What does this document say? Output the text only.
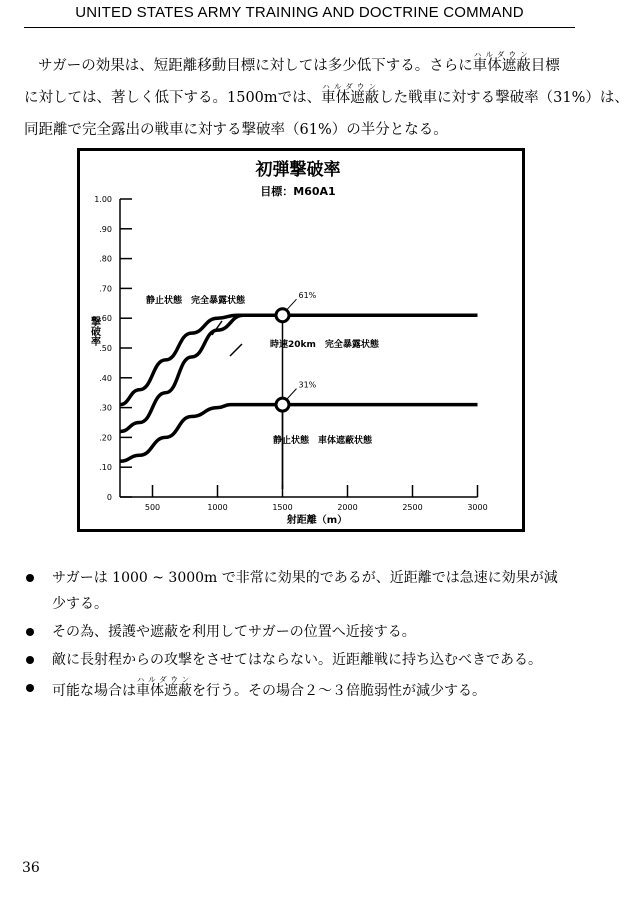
UNITED STATES ARMY TRAINING AND DOCTRINE COMMAND
サガーの効果は、短距離移動目標に対しては多少低下する。さらに車体遮蔽ハルダウン目標
に対しては、著しく低下する。1500mでは、車体遮蔽ハルダウンした戦車に対する撃破率（31%）は、
同距離で完全露出の戦車に対する撃破率（61%）の半分となる。
初弾撃破率
目標：M60A1
撃破率
射距離（m）
0
.10
.20
.30
.40
.50
.60
.70
.80
.90
1.00
500	1000	1500	2000	2500	3000
61%
31%
静止状態　完全暴露状態
時速20km　完全暴露状態
静止状態　車体遮蔽状態
サガーは 1000 ~ 3000m で非常に効果的であるが、近距離では急速に効果が減
少する。
その為、援護や遮蔽を利用してサガーの位置へ近接する。
敵に長射程からの攻撃をさせてはならない。近距離戦に持ち込むべきである。
可能な場合は車体遮蔽ハルダウンを行う。その場合２～３倍脆弱性が減少する。
36
